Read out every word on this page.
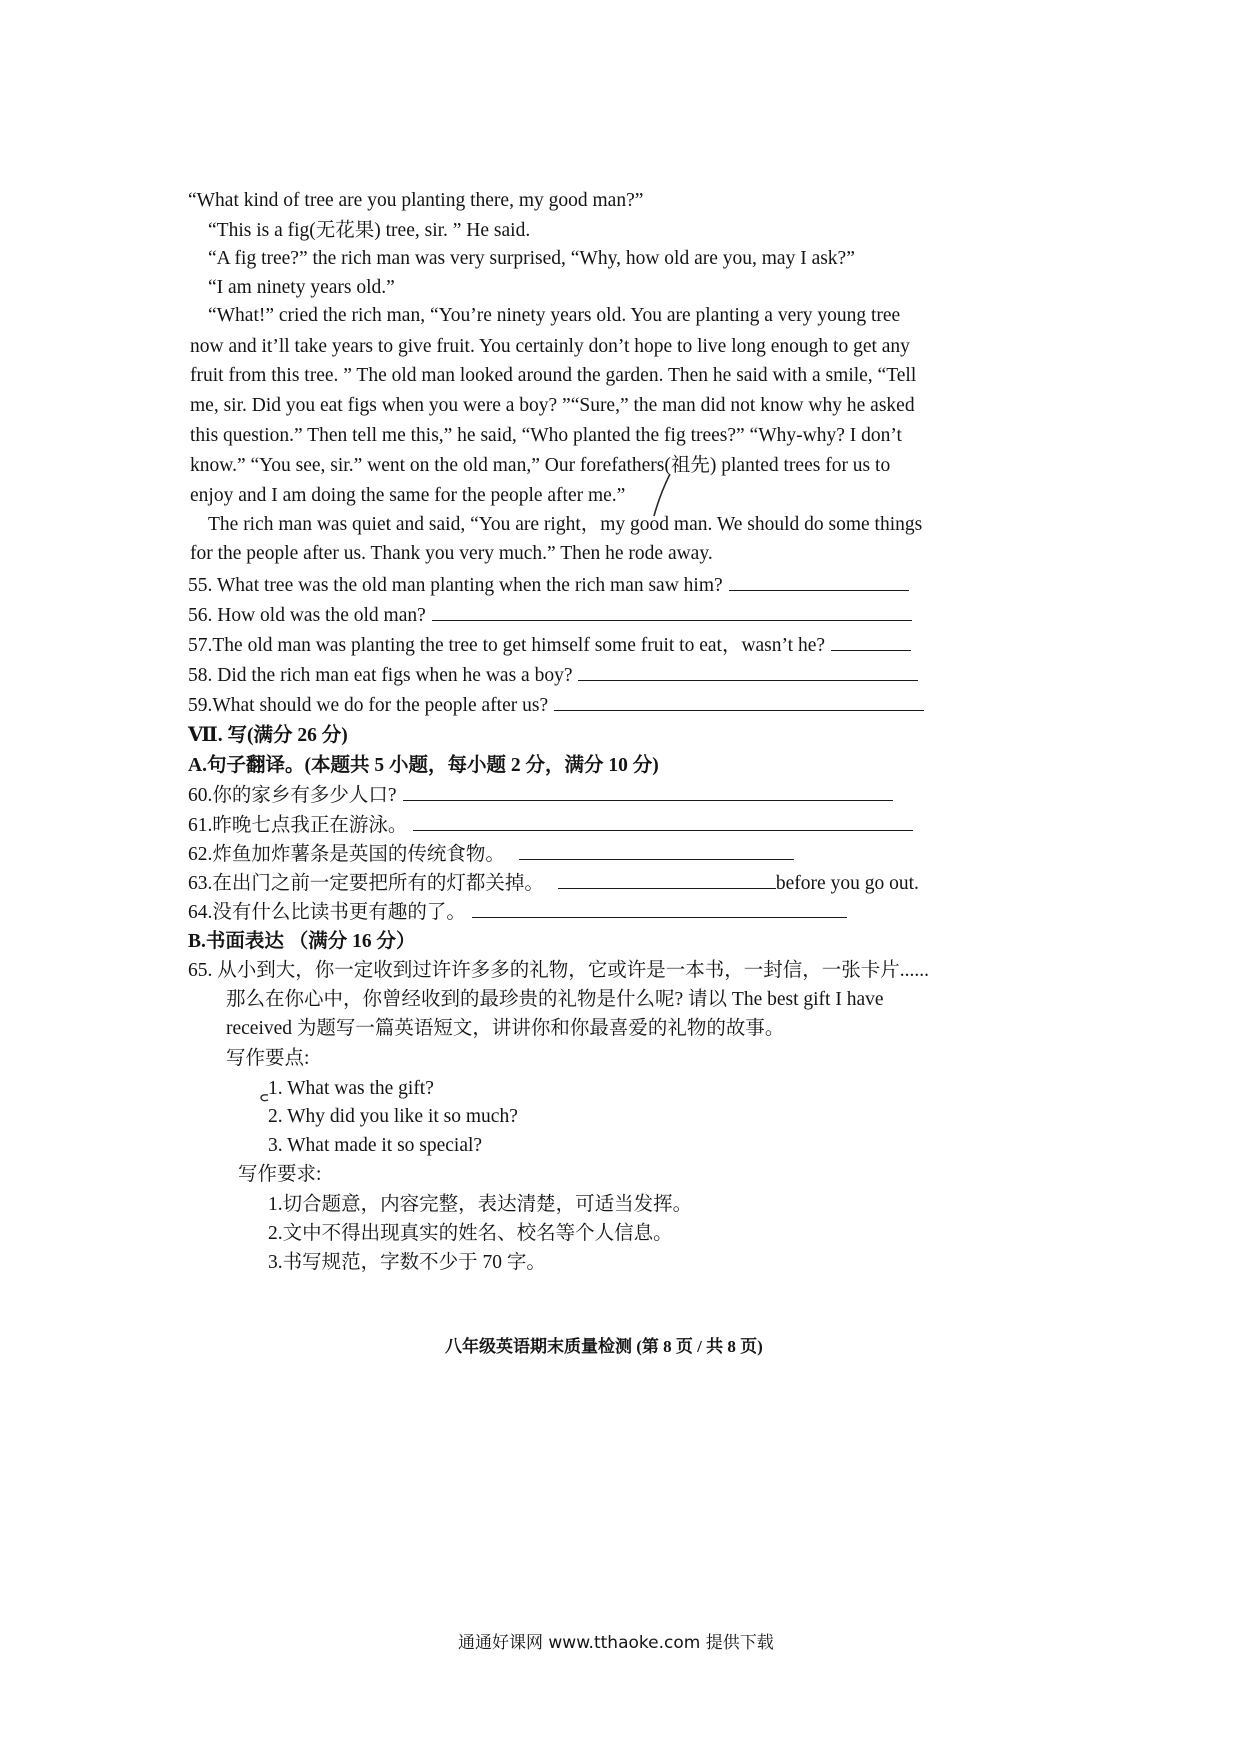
“What kind of tree are you planting there, my good man?”
“This is a fig(无花果) tree, sir. ” He said.
“A fig tree?” the rich man was very surprised, “Why, how old are you, may I ask?”
“I am ninety years old.”
“What!” cried the rich man, “You’re ninety years old. You are planting a very young tree
now and it’ll take years to give fruit. You certainly don’t hope to live long enough to get any
fruit from this tree. ” The old man looked around the garden. Then he said with a smile, “Tell
me, sir. Did you eat figs when you were a boy? ”“Sure,” the man did not know why he asked
this question.” Then tell me this,” he said, “Who planted the fig trees?” “Why-why? I don’t
know.” “You see, sir.” went on the old man,” Our forefathers(祖先) planted trees for us to
enjoy and I am doing the same for the people after me.”
The rich man was quiet and said, “You are right，my good man. We should do some things
for the people after us. Thank you very much.” Then he rode away.
55. What tree was the old man planting when the rich man saw him?
56. How old was the old man?
57.The old man was planting the tree to get himself some fruit to eat，wasn’t he?
58. Did the rich man eat figs when he was a boy?
59.What should we do for the people after us?
Ⅶ. 写(满分 26 分)
A.句子翻译。(本题共 5 小题，每小题 2 分，满分 10 分)
60.你的家乡有多少人口?
61.昨晚七点我正在游泳。
62.炸鱼加炸薯条是英国的传统食物。
63.在出门之前一定要把所有的灯都关掉。	before you go out.
64.没有什么比读书更有趣的了。
B.书面表达 （满分 16 分）
65. 从小到大，你一定收到过许许多多的礼物，它或许是一本书，一封信，一张卡片......
那么在你心中，你曾经收到的最珍贵的礼物是什么呢? 请以 The best gift I have
received 为题写一篇英语短文，讲讲你和你最喜爱的礼物的故事。
写作要点:
1. What was the gift?
2. Why did you like it so much?
3. What made it so special?
写作要求:
1.切合题意，内容完整，表达清楚，可适当发挥。
2.文中不得出现真实的姓名、校名等个人信息。
3.书写规范，字数不少于 70 字。
八年级英语期末质量检测 (第 8 页 / 共 8 页)
通通好课网 www.tthaoke.com 提供下载
